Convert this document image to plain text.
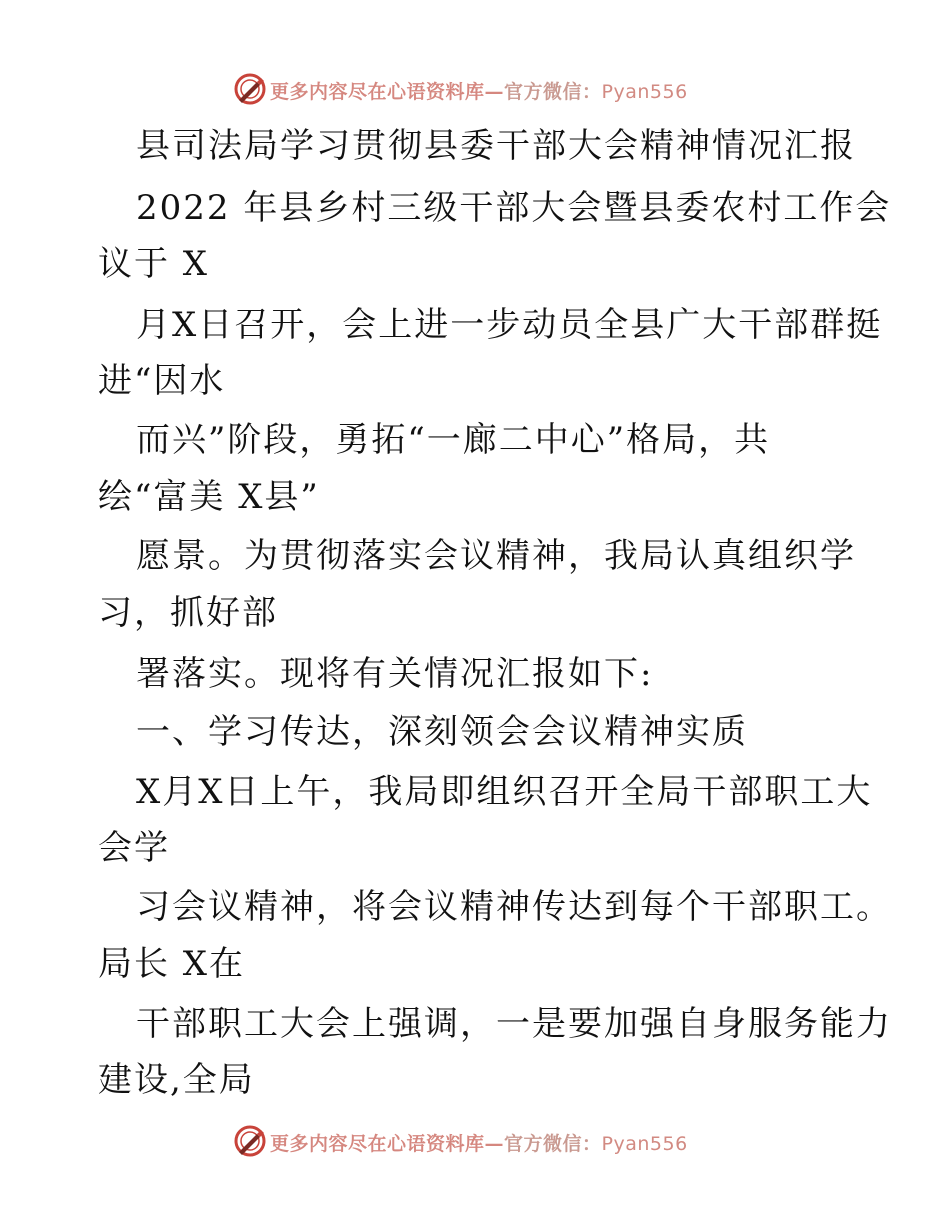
更多内容尽在心语资料库—官方微信：Pyan556
县司法局学习贯彻县委干部大会精神情况汇报
2022 年县乡村三级干部大会暨县委农村工作会
议于 X
月X日召开，会上进一步动员全县广大干部群挺
进“因水
而兴”阶段，勇拓“一廊二中心”格局，共
绘“富美 X县”
愿景。为贯彻落实会议精神，我局认真组织学
习，抓好部
署落实。现将有关情况汇报如下:
一、学习传达，深刻领会会议精神实质
X月X日上午，我局即组织召开全局干部职工大
会学
习会议精神，将会议精神传达到每个干部职工。
局长 X在
干部职工大会上强调，一是要加强自身服务能力
建设,全局
更多内容尽在心语资料库—官方微信：Pyan556
